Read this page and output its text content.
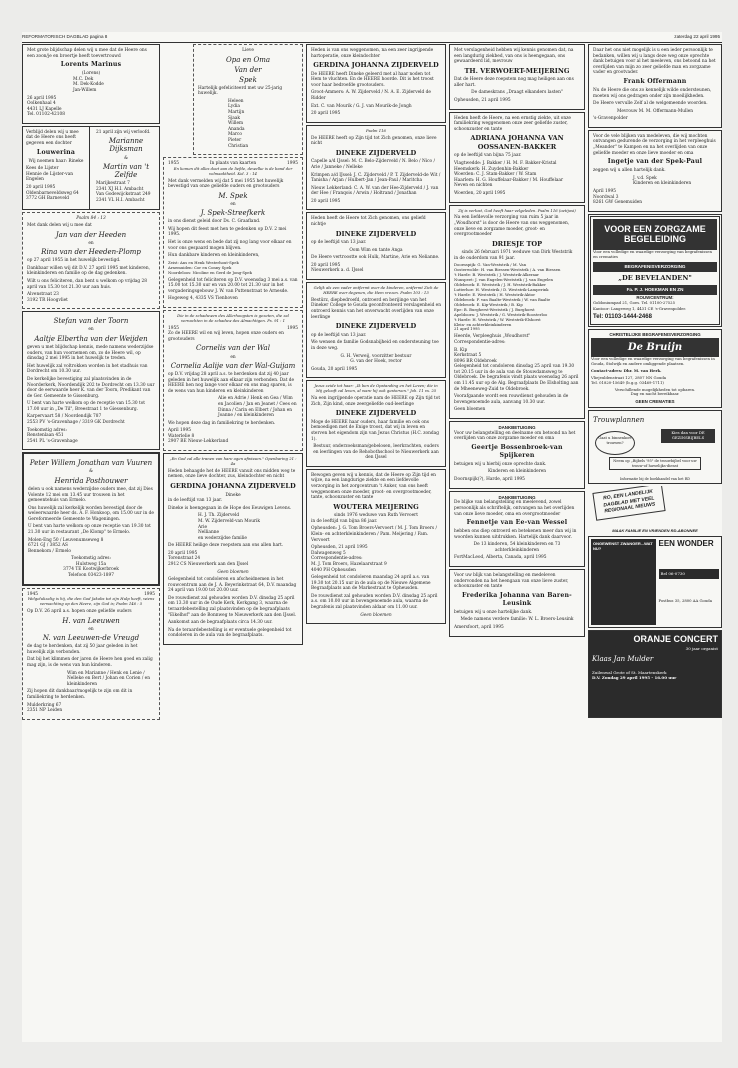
REFORMATORISCH DAGBLAD pagina 8	zaterdag 22 april 1995

Met grote blijdschap delen wij u mee dat de Heere ons een zoon/je en broertje heeft toevertrouwd

Lorents Marinus
(Lorens)

M.C. Dek
M. Dek-Kodde
Jan-Willem

26 april 1995
Oolkenhaal 4
4431 LJ Kapelle
Tel. 01102-42108

Verblijd delen wij u mee dat de Heere ons heeft gegeven een dochter

Louwerina

Wij noemen haar: Rineke

Kees de Lijster
Hennie de Lijster-van Engelen

20 april 1995
Oldenbarneveldsweg 64
3772 GH Barneveld

21 april zijn wij verloofd.

Marianne Dijksman
&
Martin van 't Zelfde

Marijkestraat 7
2341 XJ H.I. Ambacht
Van Godewijckstraat 249
2341 VL H.I. Ambacht

Psalm 84 : 13

Met dank delen wij u mee dat

Jan van der Heeden
en
Rina van der Heeden-Plomp

op 27 april 1955 in het huwelijk bevestigd.

Dankbaar willen wij dit D.V. 27 april 1995 met kinderen, kleinkinderen en familie op de dag gedenken.

Wilt u ons feliciteren, dan bent u welkom op vrijdag 28 april van 15.30 tot 21.30 uur aan huis.

Alvenstraat 23
3192 TR Hoogvliet

Stefan van der Toorn
en
Aaltje Elbertha van der Weijden

geven u met blijdschap kennis, mede namens wederzijdse ouders, van hun voornemen om, zo de Heere wil, op dinsdag 2 mei 1995 in het huwelijk te treden.

Het huwelijk zal voltrokken worden in het stadhuis van Dordrecht om 10.30 uur.

De kerkelijke bevestiging zal plaatsvinden in de Noorderkerk, Noordendijk 202 te Dordrecht om 13.30 uur door de eerwaarde heer K. van der Toorn, Predikant van de Ger. Gemeente te Gissenburg.

U bent van harte welkom op de receptie van 15.30 tot 17.00 uur in „De Til", Breestraat 1 te Giessenburg.

Karpervaart 58 / Noordendijk 787
2553 PV 's-Gravenhage / 3319 GK Dordrecht

Toekomstig adres:
Renstenlaan 451
2541 PL 's-Gravenhage

Peter Willem Jonathan van Vuuren
&
Henrida Posthouwer

delen u ook namens wederzijdse ouders mee, dat zij Dies Volente 12 mei om 13.45 uur trouwen in het gemeentehuis van Ermelo.

Ons huwelijk zal kerkelijk worden bevestigd door de weleerwaarde heer ds. A. F. Honkoop, om 15.00 uur in de Gereformeerde Gemeente te Wageningen.

U bent van harte welkom op onze receptie van 19.30 tot 21.30 uur in restaurant „De Klomp" te Ermelo.

Molen-Eng 50 / Leuvenumseweg 8
6721 GJ / 3852 AS
Bennekom / Ermelo

Toekomstig adres:
Hulstweg 15a
3774 TE Kootwijkerbroek
Telefoon 03423-1897

1945	1995

Welgelukzalig is hij, die den God Jakobs tot zijn Hulp heeft, wiens verwachting op den Heere, zijn God is; Psalm 146 : 5

Op D.V. 26 april a.s. hopen onze geliefde ouders

H. van Leeuwen
en
N. van Leeuwen-de Vreugd

de dag te herdenken, dat zij 50 jaar geleden in het huwelijk zijn verbonden.

Dat bij het klimmen der jaren de Heere hen goed en zalig mag zijn, is de wens van hun kinderen.

Wim en Marianne / Henk en Lenie / Nelleke en Bert / Johan en Corien / en kleinkinderen

Zij hopen dit dankbaar/mogelijk te zijn om dit in familiekring te herdenken.

Mulderkring 67
2351 NP Leiden

Lieve
Opa en Oma
Van der
Spek

Hartelijk gefeliciteerd met uw 25-jarig huwelijk.

Heleen
Lydia
Martijn
Sjaak
Willem
Ananda
Marco
Pieter
Christian

1955	In plaats van kaarten	1995

En komen dit alles doet aan de liefde, dewelke is de band der volmaaktheid. Kol. 3 : 14

Met dank vermelden wij dat 5 mei 1955 het huwelijk bevestigd van onze geliefde ouders en grootouders

M. Spek
en
J. Spek-Streefkerk

in ons dienst geleid door Ds. C. Graafland.

Wij hopen dit feest met hen te gedenken op D.V. 2 mei 1995.

Het is onze wens en bede dat zij nog lang voor elkaar en voor ons gespaard mogen blijven.

Hun dankbare kinderen en kleinkinderen,

Zeist: Ans en Henk Westerhout-Spek
Arnemuiden: Cor en Conny Spek
Noordeloos: Nicoline en Gerd de Jong-Spek

Gelegenheid tot feliciteren op D.V. woensdag 3 mei a.s. van 15.00 tot 15.30 uur en van 20.00 tot 21.30 uur in het vergaderingsgebouw J. W. van Puttenstraat te Arnesde.

Hogeweg 4, 4335 VS Tienhoven

Die in de schaduwen des Allerhoogsten is gezeten, die zal vernachten in de schaduw des Almachtigen. Ps. 91 : 1

1955	1995

Zo de HEERE wil en wij leven, hopen onze ouders en grootouders

Cornelis van der Wal
en
Cornelia Aalije van der Wal-Guijam

op D.V. vrijdag 28 april a.s. te herdenken dat zij 40 jaar geleden in het huwelijk aan elkaar zijn verbonden. Dat de HEERE hen nog lange voor elkaar en ons mag sparen, is de wens van hun kinderen en kleinkinderen

Alie en Adrie / Henk en Gea / Wim en Jacolien / Jan en Jeanet / Cees en Dinna / Carin en Elbert / Johan en Joanne / en kleinkinderen

We hopen deze dag in familiekring te herdenken.

April 1995
Waterlelie 8
2907 BE Nieuw-Lekkerland

„En God zal alle tranen van hare ogen afwissen." Openbaring 21 : 4a

Heden behaagde het de HEERE vanuit ons midden weg te nemen, onze lieve dochter, zus, kleindochter en nicht

GERDINA JOHANNA ZIJDERVELD
Dineke

in de leeftijd van 13 jaar.

Dineke is heengegaan in de Hope des Eeuwigen Levens.

H. J. Th. Zijderveld
M. W. Zijderveld-van Mourik
Arie
Nellianne
en wederzijdse familie

De HEERE heilige deze roepstem aan ons allen hart.

20 april 1995
Torenstraat 24
2912 CS Nieuwerkerk aan den IJssel

Geen bloemen

Gelegenheid tot condoleren en afscheidnemen in het rouwcentrum aan de J. A. Beyerinkstraat 64, D.V. maandag 24 april van 19.00 tot 20.00 uur.

De rouwdienst zal gehouden worden D.V. dinsdag 25 april om 13.30 uur in de Oude Kerk, Kerkgang 3, waarna de teraardebestelling zal plaatsvinden op de begraafplaats "Eikelhof" aan de Bonnweg te Nieuwerkerk aan den IJssel.

Aankomst aan de begraafplaats circa 14.30 uur.

Na de teraardebestelling is er eventuele gelegenheid tot condoleren in de aula van de begraafplaats.

Heden is van ons weggenomen, na een zeer ingrijpende hartoperatie, onze kleindochter

GERDINA JOHANNA ZIJDERVELD

De HEERE heeft Dineke geleerd met al haar noden tot Hem te vluchten. En de HEERE hoorde. Dit is het troost voor haar bedroefde grootouders.

Groot-Ammers: A. W. Zijderveld / N. A. E. Zijderveld de Ridder

Ext. C. van Mourik / G. J. van Mourik-de Jongh

20 april 1995

Psalm 116

De HEERE heeft op Zijn tijd tot Zich genomen, onze lieve nicht

DINEKE ZIJDERVELD

Capelle a/d IJssel: M. C. Belo-Zijderveld / N. Belo / Nico / Arie / Janneke / Nelleke

Krimpen a/d IJssel: J. C. Zijderveld / P. T. Zijderveld-de Wit / Tanisha / Arjan / Hulbert-Jan / Jean-Paul / Maritcha

Nieuw Lekkerland: C. A. W. van der Hee-Zijderveld / J. van der Hee / Franqois / Arwin / Holtrand / Jonathan

20 april 1995

Heden heeft de Heere tot Zich genomen, ons geliefd nichtje

DINEKE ZIJDERVELD

op de leeftijd van 13 jaar.

Oom Wim en tante Anga

De Heere vertroostte ook Hulk, Martine, Arie en Nelianne.

20 april 1995
Nieuwerkerk a. d. IJssel

Gelijk als een vader ontfermt over de kinderen, ontfermt Zich de HEERE over degenen, die Hem vrezen. Psalm 103 : 13

Bestürz, diepbedroefd, ontroerd en berijinge van het Dineker College te Gouda geconfronteerd verslagenheid en ontroerd kennis van het onverwacht overlijden van onze leerlinge

DINEKE ZIJDERVELD

op de leeftijd van 13 jaar.

We wensen de familie Godsnabijheid en ondersteuning toe in deze weg.

G. H. Verweij, voorzitter bestuur
G. van der Hoek, rector

Gouda, 20 april 1995

Jezus zeide tot haar: „Ik ben de Opstanding en het Leven; die in Mij gelooft zal leven, al ware hij ook gestorven." Joh. 11 vs. 25

Na een ingrijpende operatie nam de HEERE op Zijn tijd tot Zich, Zijn kind, onze zeergeliefde oud-leerlinge

DINEKE ZIJDERVELD

Moge de HEERE haar ouders, haar familie en ook ons bemoedigen met de Enige troost, dat wij in leven en sterven het eigendom zijn van Jezus Christus (H.C. zondag 1).

Bestuur, onderzoeksman/gebelosen, leerkrachten, ouders en leerlingen van de Rehobothschool te Nieuwerkerk aan den IJssel

Bewogen geven wij u kennis, dat de Heere op Zijn tijd en wijze, na een langdurige ziekte en een liefdevolle verzorging in het zorgcentrum 't Anker, van ons heeft weggenomen onze moeder, groot- en overgrootmoeder, tante, schoonzuster en tante

WOUTERA MEIJERING
sinds 1976 weduwe van Ruth Vervoert

in de leeftijd van bijna 86 jaar.

Opheusden: J. G. Tom Broers-Vervoert / M. J. Tom Broers / Klein- en achterkleinkinderen / Pam. Meijering / Fam. Vervoert

Opheusden, 21 april 1995
Dalwagenweg 5
Correspondentie-adres:
M. J. Tom Broers, Hazelaarstraat 9
4040 PH Opheusden

Gelegenheid tot condoleren maandag 24 april a.s. van 19.30 tot 20.15 uur in de aula op de Nieuwe Algemene Begraafplaats aan de Markestraat te Opheusden.

De rouwdienst zal gehouden worden D.V. dinsdag 25 april a.s. om 10.00 uur in bovengenoemde aula, waarna de begrafenis zal plaatsvinden aldaar om 11.00 uur.

Geen bloemen

Met verslagenheid hebben wij kennis genomen dat, na een langdurig ziekbed, van ons is heengegaan, ons gewaardeerd lid, mevrouw

TH. VERWOERT-MEIJERING

Dat de Heere deze roepstem nog mag heiligen aan ons aller hart.

De dameskrans „Draagt elkanders lasten"

Opheusden, 21 april 1995

Heden heeft de Heere, na een ernstig ziekte, uit onze familiekring weggenomen onze zeer geliefde zuster, schoonzuster en tante

ADRIANA JOHANNA VAN OOSSANEN-BAKKER

op de leeftijd van bijna 75 jaar.

Vlagtwedde: J. Bakker / H. M. F. Bakker-Kristal
Heemskerk: H. Zuydenhin-Bakker
Woerden: C. J. Stam-Bakker / W. Stam
Haarlem: H. G. Houffelaar-Bakker / M. Houffelaar
Neven en nichten

Woerden, 20 april 1995

Zij is verlost, God heeft haar velgeleden. Psalm 116 (oetijosi)

Na een liefdevolle verzorging van ruim 5 jaar in „Woudhorst" is door de Heere van ons weggenomen, onze lieve en zorgzame moeder, groot- en overgrootmoeder

DRIESJE TOP
sinds 26 februari 1971 weduwe van Dirk Weststrik

in de ouderdom van 91 jaar.

Doornspijk: G. Van-Weststrik / M. Van
Oosterwolde: H. van Biessen-Weststrik / A. van Biessen
't Harde: B. Weststrik / J. Weststrik-Alkeraar
Nunspeet: J. van Engelen-Weststrik / J. van Engelen
Oldebroek: E. Weststrik / J. H. Weststrik-Bakker
Lutterhoe: H. Weststrik / D. Weststrik-Lamperink
't Harde: E. Weststrik / H. Weststrik-Aktor
Oldebroek: F. van Baalte-Weststrik / W. van Baalte
Oldebroek: E. Kip-Weststrik / B. Kip
Epe: B. Burgherst-Weststrik / J. Burghorst
Apeldoorn: J. Weststrik / G. Weststrik-Roosterloo
't Harde: H. Weststrik / W. Weststrik-Elshorst
Klein- en achterkleinkinderen
21 april 1995

Heerde, Verpleeghuis „Woudhorst"
Correspondentie-adres:

B. Kip
Kerkstraat 5
8096 BR Oldebroek
Gelegenheid tot condoleren dinsdag 25 april van 19.30 tot 20.15 uur in de aula van de Stouwdamsweg te Oldebroek. De begrafenis vindt plaats woensdag 26 april om 11.45 uur op de Alg. Begraafplaats De Elsholting aan de Mheeneweg-Zuid te Oldebroek.

Voorafgaande wordt een rouwdienst gehouden in de bovengenoemde aula, aanvang 10.30 uur.

Geen bloemen

DANKBETUIGING

Voor uw belangstelling en deelname om betoond na het overlijden van onze zorgzame moeder en oma

Geertje Bossenbroek-van Spijkeren

betuigen wij u hierbij onze oprechte dank.

Kinderen en kleinkinderen

Doornspijk(?), Harde, april 1995

DANKBETUIGING

De blijke van belangstelling en meelevend, zowel persoonlijk als schriftelijk, ontvangen na het overlijden van onze lieve moeder, oma en overgrootmoeder

Fennetje van Ee-van Wessel

hebben ons diep ontroerd en betekenen meer dan wij in woorden kunnen uitdrukken. Hartelijk dank daarvoor.

De 13 kinderen, 54 kleinkinderen en 73 achterkleinkinderen

FortMacLeod, Alberta, Canada, april 1995

Voor uw blijk van belangstelling en medeleven ondervonden na het heengaan van onze lieve zuster, schoonzuster en tante

Frederika Johanna van Baren-Leusink

betuigen wij u onze hartelijke dank.

Mede namens verdere familie: W. L. Broers-Leusink

Amersfoort, april 1995

Daar het ons niet mogelijk is u een ieder persoonlijk te bedanken, willen wij u langs deze weg onze oprechte dank betuigen voor al het meeleven, ons betoond na het overlijden van mijn zo zeer geliefde man en zorgzame vader en grootvader.

Frank Offermann

Nu de Heere die ons zo kennelijk wilde ondersteunen, moeten wij ons gedragen onder zijn moeilijkheden.

De Heere vervulle Zelf al de welgemeende woorden.

Mevrouw M. M. Offermann-Mullen

's-Gravenpolder

Voor de vele blijken van medeleven, die wij mochten ontvangen gedurende de verzorging in het verpleeghuis „Meander" te Kampen en na het overlijden van onze geliefde moeder en onze lieve moeder en oma

Ingetje van der Spek-Paul

zeggen wij u allen hartelijk dank.

J. v.d. Spek
Kinderen en kleinkinderen

April 1995
Noordwal 3
8261 GW Genemuiden

VOOR EEN ZORGZAME BEGELEIDING

Voor een volledige en waardige verzorging van begrafenissen en crematies

BEGRAFENISVERZORGING
„DE BEVELANDEN"
Fa. P. J. HOEKMAN EN ZN
ROUWCENTRUM:

Goldoniumpad 21, Goes. Tel. 01100-27525

Kantoor: Langeweg 1, 4431 CE 's-Gravenpolder.

Tel: 01103-1444-2468
CHRISTELIJKE BEGRAFENISVERZORGING
De Bruijn

Voor een volledige en waardige verzorging van begrafenissen in Gouda, Stolwijk en andere omliggende plaatsen.

Contact-adres: Dhr. M. van Herk.

Vliejeuldenstraat 127, 2807 NN Gouda
Tel. 01820-15649 (b.g.g. 03469-1711)

Verschillende mogelijkheden tot opbaren.
Dag en nacht bereikbaar.

GEEN CREMATIES
Trouwplannen
Gaat u binnenkort trouwen?
Kies dan voor DE GEZINSBIJBELS
Neem op „Bijbels '95" de trouwbijbel voor uw trouw-of huwelijks-dienst
Informatie bij de boekhandel van het RD
RO, EEN LANDELIJK DAGBLAD MET VEEL REGIONAAL NIEUWS
MAAK FAMILIE EN VRIENDEN RD-ABONNEE
ONGEWENST ZWANGER...WAT NU?
EEN WONDER
Bel 06-0730
Postbus 35, 2800 AA Gouda
ORANJE CONCERT
30 jaar organist
Klaas Jan Mulder
Zuilenwal Grote of St. Maartenskerk
D.V. Zondag 29 april 1995 - 16.00 uur
